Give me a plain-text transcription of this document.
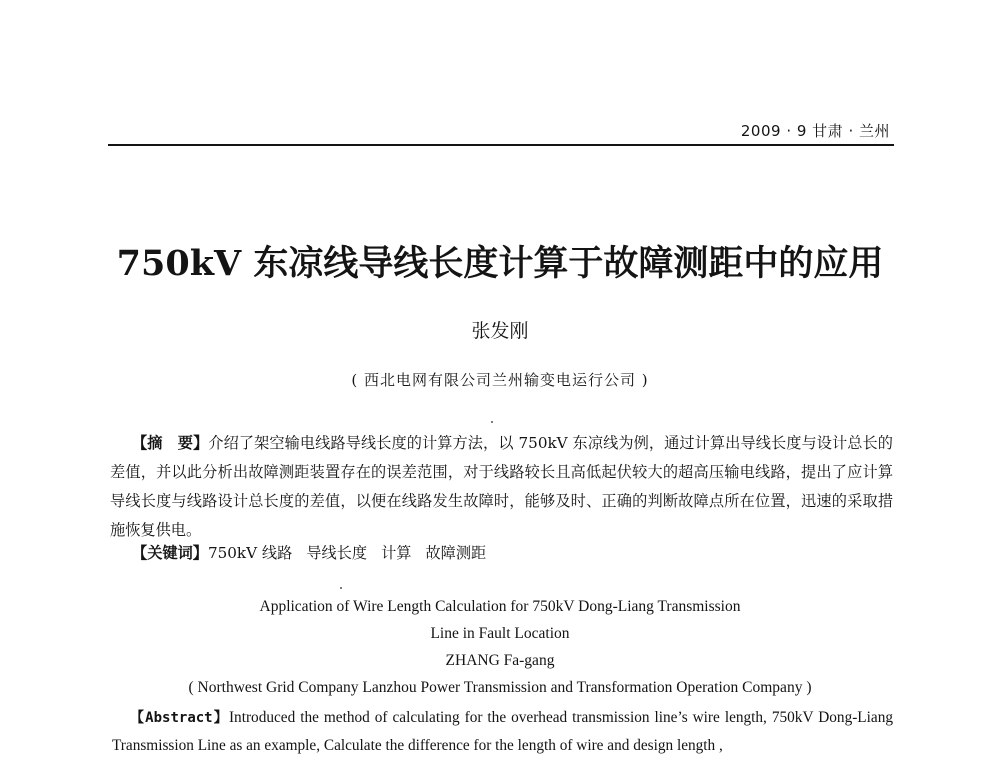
2009 · 9 甘肃 · 兰州
750kV 东凉线导线长度计算于故障测距中的应用
张发刚
( 西北电网有限公司兰州输变电运行公司 )

【摘　要】介绍了架空输电线路导线长度的计算方法，以 750kV 东凉线为例，通过计算出导线长度与设计总长的差值，并以此分析出故障测距装置存在的误差范围，对于线路较长且高低起伏较大的超高压输电线路，提出了应计算导线长度与线路设计总长度的差值，以便在线路发生故障时，能够及时、正确的判断故障点所在位置，迅速的采取措施恢复供电。

【关键词】750kV 线路 导线长度 计算 故障测距
Application of Wire Length Calculation for 750kV Dong-Liang Transmission
Line in Fault Location
ZHANG Fa-gang
( Northwest Grid Company Lanzhou Power Transmission and Transformation Operation Company )

【Abstract】Introduced the method of calculating for the overhead transmission line’s wire length, 750kV Dong-Liang Transmission Line as an example, Calculate the difference for the length of wire and design length ,
